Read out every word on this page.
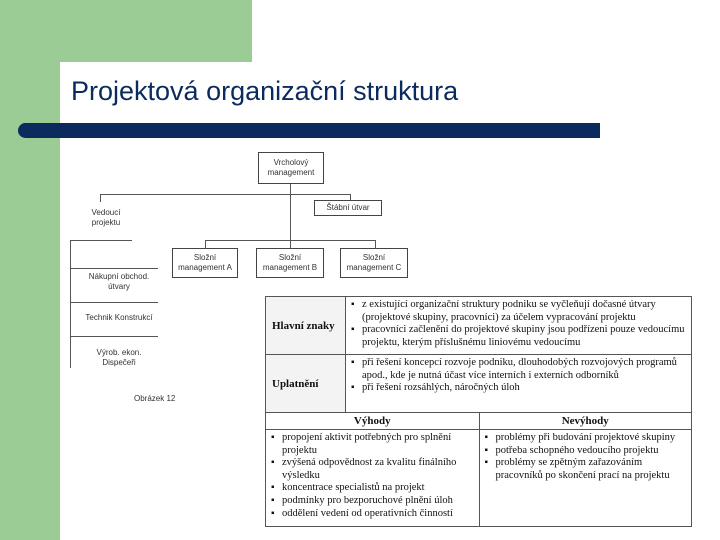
Projektová organizační struktura
Vrcholový management
Štábní útvar
Vedoucí projektu
Složní management A
Složní management B
Složní management C
Nákupní obchod. útvary
Technik Konstrukcí
Výrob. ekon. Dispečeři
Obrázek 12
Hlavní znaky
▪ z existující organizační struktury podniku se vyčleňují dočasné útvary (projektové skupiny, pracovníci) za účelem vypracování projektu
▪ pracovníci začlenění do projektové skupiny jsou podřízeni pouze vedoucímu projektu, kterým příslušnému liniovému vedoucímu
Uplatnění
▪ při řešení koncepcí rozvoje podniku, dlouhodobých rozvojových programů apod., kde je nutná účast více interních i externích odborníků
▪ při řešení rozsáhlých, náročných úloh
Výhody	Nevýhody
▪ propojení aktivit potřebných pro splnění projektu
▪ zvýšená odpovědnost za kvalitu finálního výsledku
▪ koncentrace specialistů na projekt
▪ podmínky pro bezporuchové plnění úloh
▪ oddělení vedení od operativních činností
▪ problémy při budování projektové skupiny
▪ potřeba schopného vedoucího projektu
▪ problémy se zpětným zařazováním pracovníků po skončení prací na projektu
